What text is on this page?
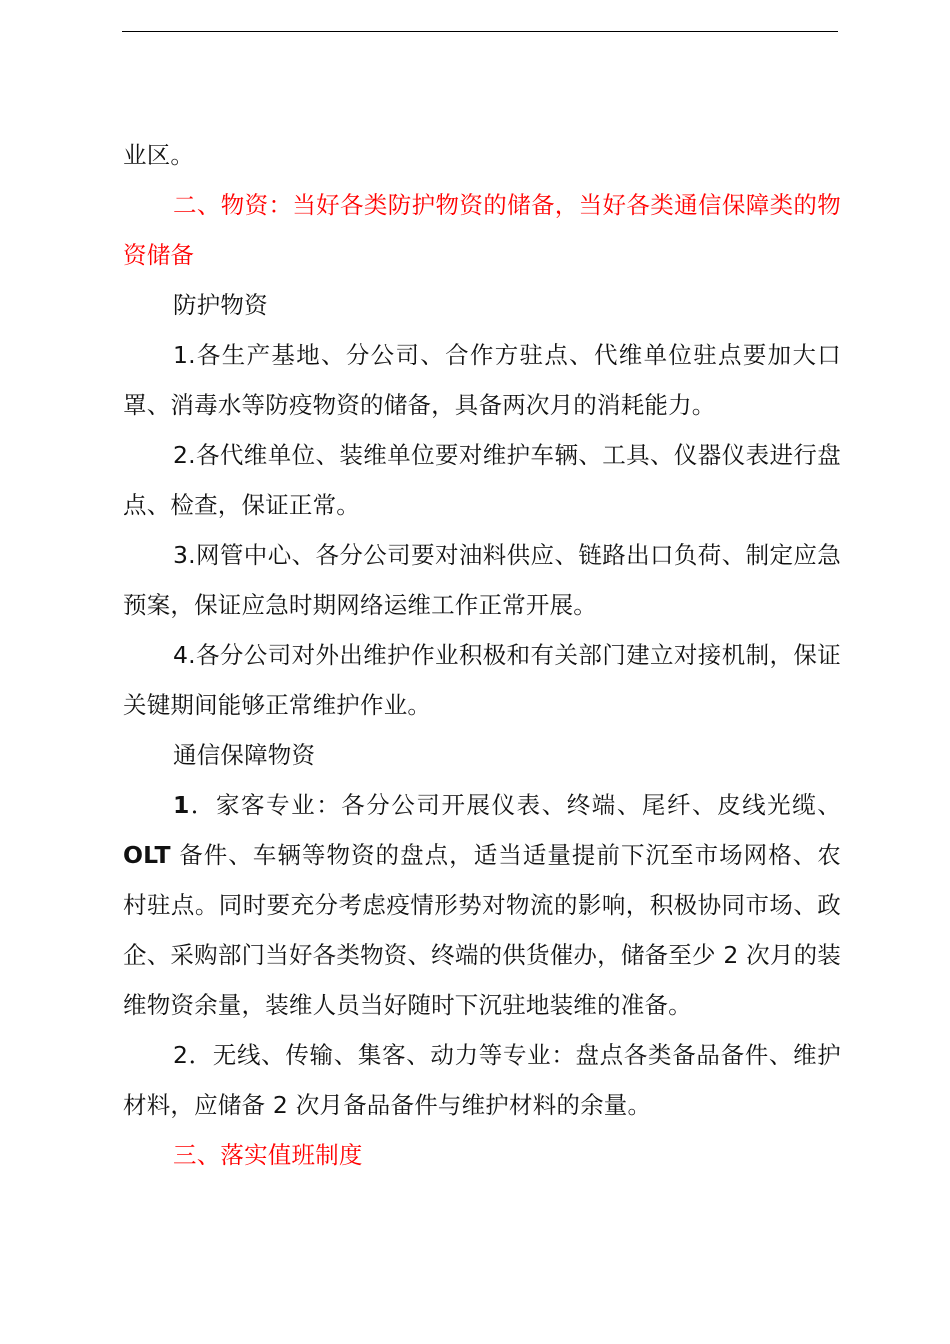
业区。

二、物资：当好各类防护物资的储备，当好各类通信保障类的物资储备

防护物资

1.各生产基地、分公司、合作方驻点、代维单位驻点要加大口罩、消毒水等防疫物资的储备，具备两次月的消耗能力。

2.各代维单位、装维单位要对维护车辆、工具、仪器仪表进行盘点、检查，保证正常。

3.网管中心、各分公司要对油料供应、链路出口负荷、制定应急预案，保证应急时期网络运维工作正常开展。

4.各分公司对外出维护作业积极和有关部门建立对接机制，保证关键期间能够正常维护作业。

通信保障物资

1．家客专业：各分公司开展仪表、终端、尾纤、皮线光缆、OLT 备件、车辆等物资的盘点，适当适量提前下沉至市场网格、农村驻点。同时要充分考虑疫情形势对物流的影响，积极协同市场、政企、采购部门当好各类物资、终端的供货催办，储备至少 2 次月的装维物资余量，装维人员当好随时下沉驻地装维的准备。

2．无线、传输、集客、动力等专业：盘点各类备品备件、维护材料，应储备 2 次月备品备件与维护材料的余量。

三、落实值班制度
